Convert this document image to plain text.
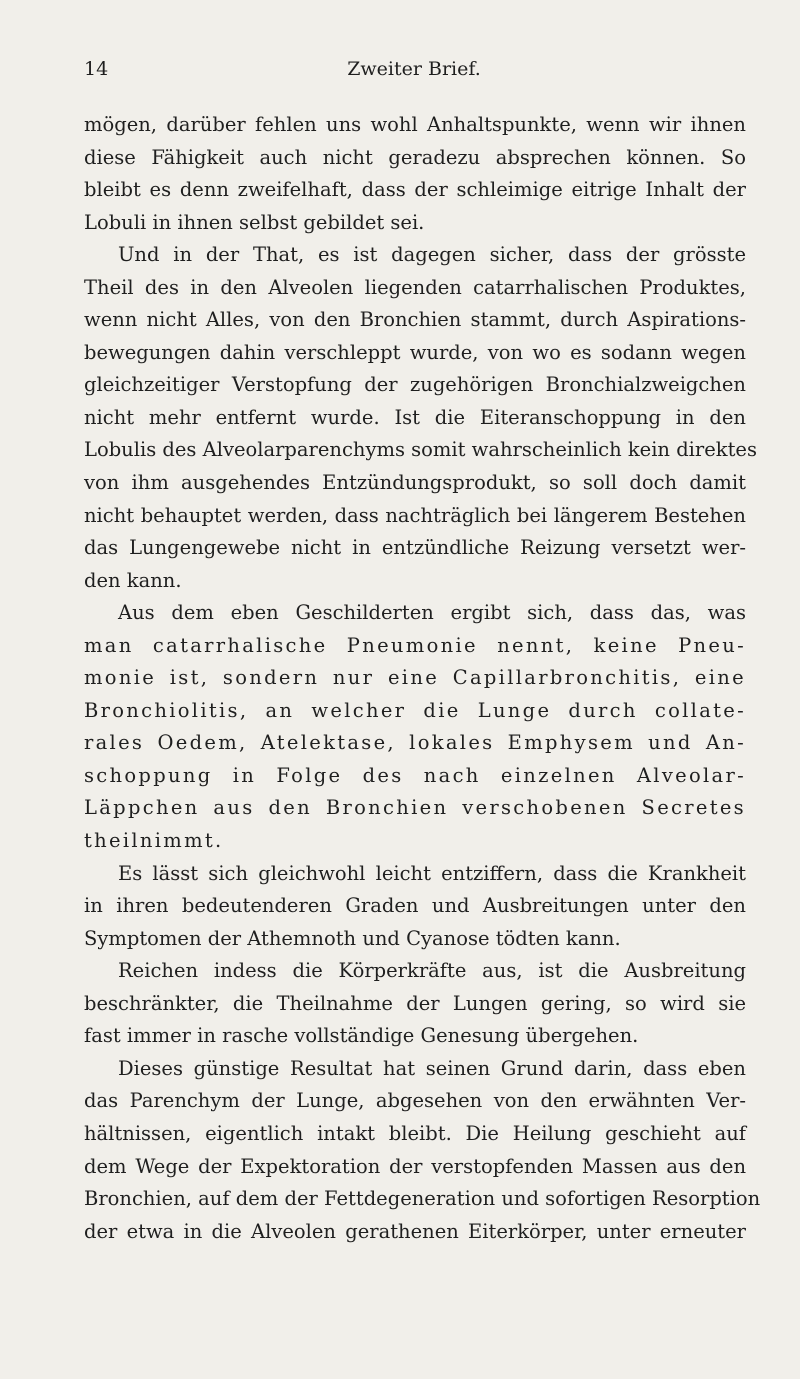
14	Zweiter Brief.
mögen, darüber fehlen uns wohl Anhaltspunkte, wenn wir ihnen
diese Fähigkeit auch nicht geradezu absprechen können. So
bleibt es denn zweifelhaft, dass der schleimige eitrige Inhalt der
Lobuli in ihnen selbst gebildet sei.
Und in der That, es ist dagegen sicher, dass der grösste
Theil des in den Alveolen liegenden catarrhalischen Produktes,
wenn nicht Alles, von den Bronchien stammt, durch Aspirations-
bewegungen dahin verschleppt wurde, von wo es sodann wegen
gleichzeitiger Verstopfung der zugehörigen Bronchialzweigchen
nicht mehr entfernt wurde. Ist die Eiteranschoppung in den
Lobulis des Alveolarparenchyms somit wahrscheinlich kein direktes
von ihm ausgehendes Entzündungsprodukt, so soll doch damit
nicht behauptet werden, dass nachträglich bei längerem Bestehen
das Lungengewebe nicht in entzündliche Reizung versetzt wer-
den kann.
Aus dem eben Geschilderten ergibt sich, dass das, was
man catarrhalische Pneumonie nennt, keine Pneu-
monie ist, sondern nur eine Capillarbronchitis, eine
Bronchiolitis, an welcher die Lunge durch collate-
rales Oedem, Atelektase, lokales Emphysem und An-
schoppung in Folge des nach einzelnen Alveolar-
Läppchen aus den Bronchien verschobenen Secretes
theilnimmt.
Es lässt sich gleichwohl leicht entziffern, dass die Krankheit
in ihren bedeutenderen Graden und Ausbreitungen unter den
Symptomen der Athemnoth und Cyanose tödten kann.
Reichen indess die Körperkräfte aus, ist die Ausbreitung
beschränkter, die Theilnahme der Lungen gering, so wird sie
fast immer in rasche vollständige Genesung übergehen.
Dieses günstige Resultat hat seinen Grund darin, dass eben
das Parenchym der Lunge, abgesehen von den erwähnten Ver-
hältnissen, eigentlich intakt bleibt. Die Heilung geschieht auf
dem Wege der Expektoration der verstopfenden Massen aus den
Bronchien, auf dem der Fettdegeneration und sofortigen Resorption
der etwa in die Alveolen gerathenen Eiterkörper, unter erneuter
